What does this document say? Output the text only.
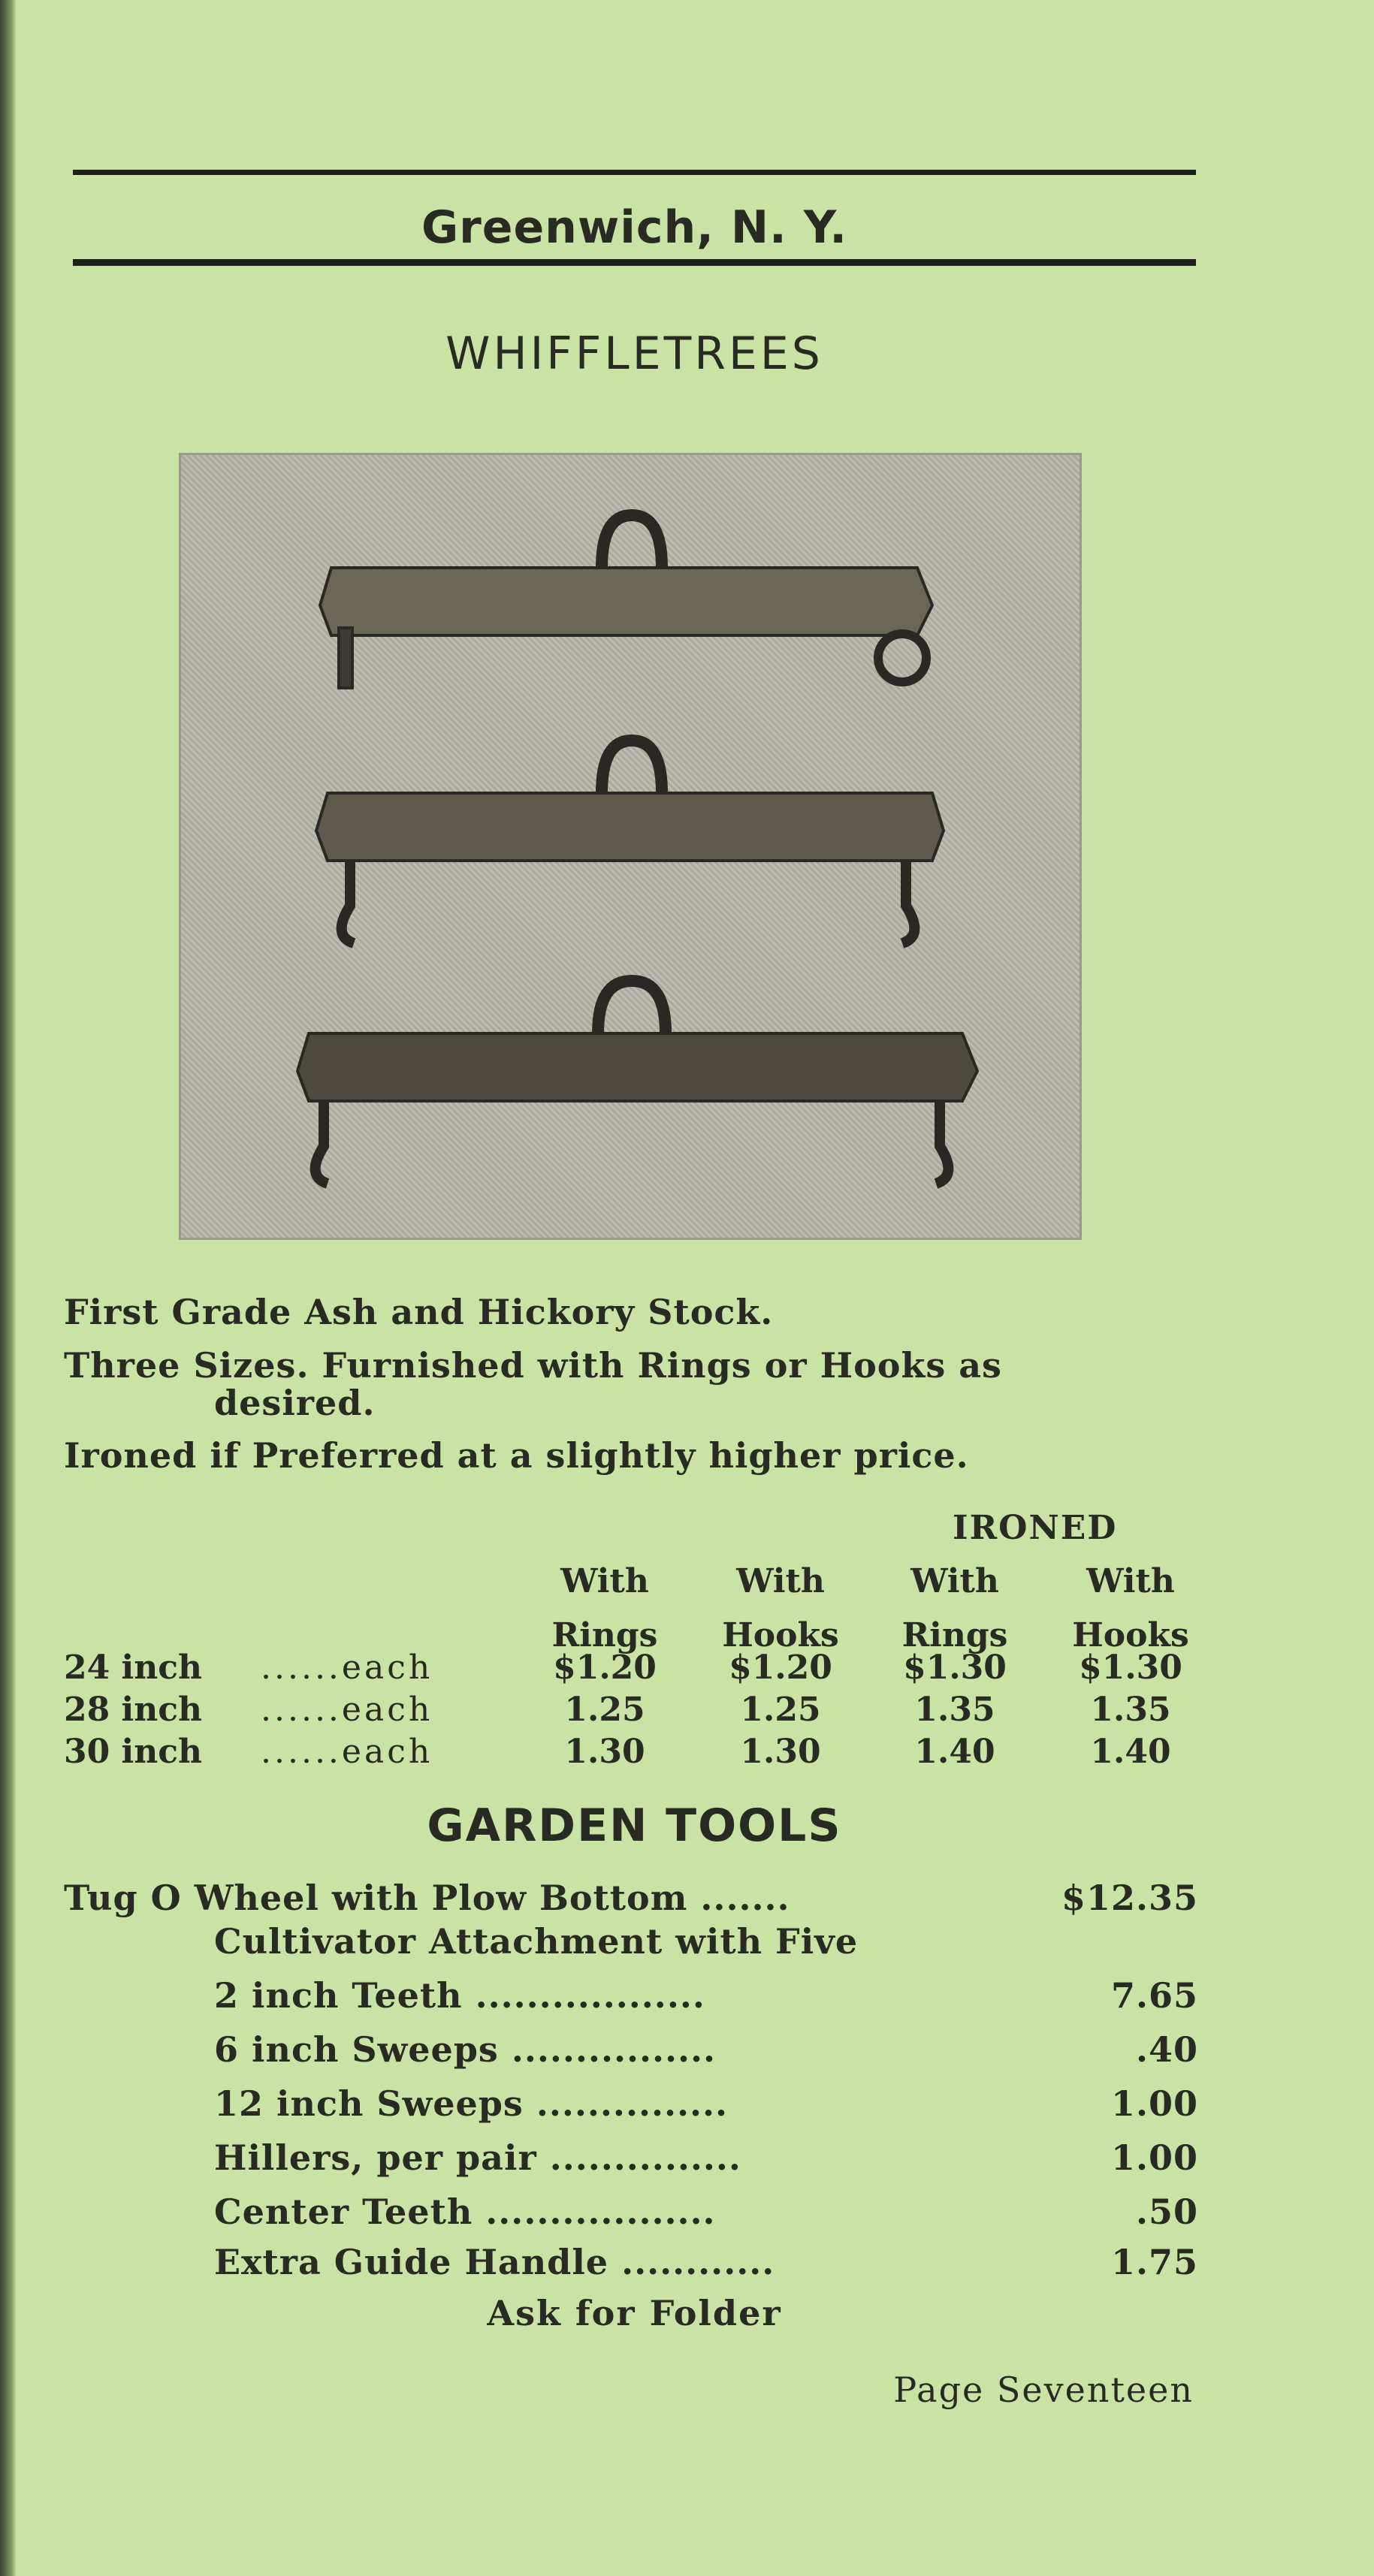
Greenwich, N. Y.
WHIFFLETREES
First Grade Ash and Hickory Stock.
Three Sizes. Furnished with Rings or Hooks as
desired.
Ironed if Preferred at a slightly higher price.
IRONED
With
Rings
With
Hooks
With
Rings
With
Hooks
24 inch ......each	$1.20	$1.20	$1.30	$1.30
28 inch ......each	1.25	1.25	1.35	1.35
30 inch ......each	1.30	1.30	1.40	1.40
GARDEN TOOLS
Tug O Wheel with Plow Bottom .......	$12.35
Cultivator Attachment with Five
2 inch Teeth ..................	7.65
6 inch Sweeps ................	.40
12 inch Sweeps ...............	1.00
Hillers, per pair ...............	1.00
Center Teeth ..................	.50
Extra Guide Handle ............	1.75
Ask for Folder
Page Seventeen
